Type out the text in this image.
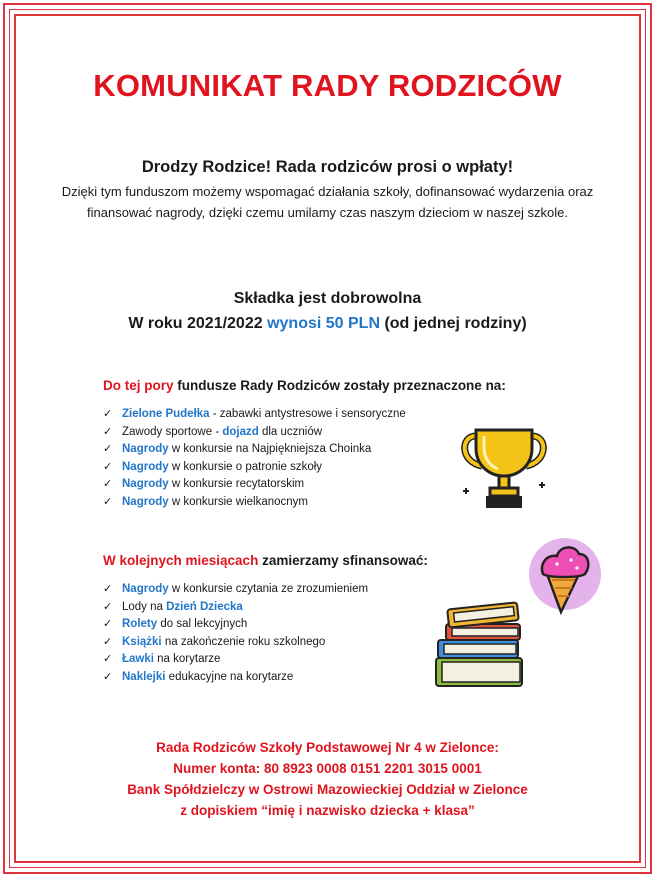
KOMUNIKAT RADY RODZICÓW
Drodzy Rodzice! Rada rodziców prosi o wpłaty!
Dzięki tym funduszom możemy wspomagać działania szkoły, dofinansować wydarzenia oraz finansować nagrody, dzięki czemu umilamy czas naszym dzieciom w naszej szkole.
Składka jest dobrowolna
W roku 2021/2022 wynosi 50 PLN (od jednej rodziny)
Do tej pory fundusze Rady Rodziców zostały przeznaczone na:
✓ Zielone Pudełka - zabawki antystresowe i sensoryczne
✓ Zawody sportowe - dojazd dla uczniów
✓ Nagrody w konkursie na Najpiękniejsza Choinka
✓ Nagrody w konkursie o patronie szkoły
✓ Nagrody w konkursie recytatorskim
✓ Nagrody w konkursie wielkanocnym
W kolejnych miesiącach zamierzamy sfinansować:
✓ Nagrody w konkursie czytania ze zrozumieniem
✓ Lody na Dzień Dziecka
✓ Rolety do sal lekcyjnych
✓ Książki na zakończenie roku szkolnego
✓ Ławki na korytarze
✓ Naklejki edukacyjne na korytarze
Rada Rodziców Szkoły Podstawowej Nr 4 w Zielonce:
Numer konta: 80 8923 0008 0151 2201 3015 0001
Bank Spółdzielczy w Ostrowi Mazowieckiej Oddział w Zielonce
z dopiskiem “imię i nazwisko dziecka + klasa”
